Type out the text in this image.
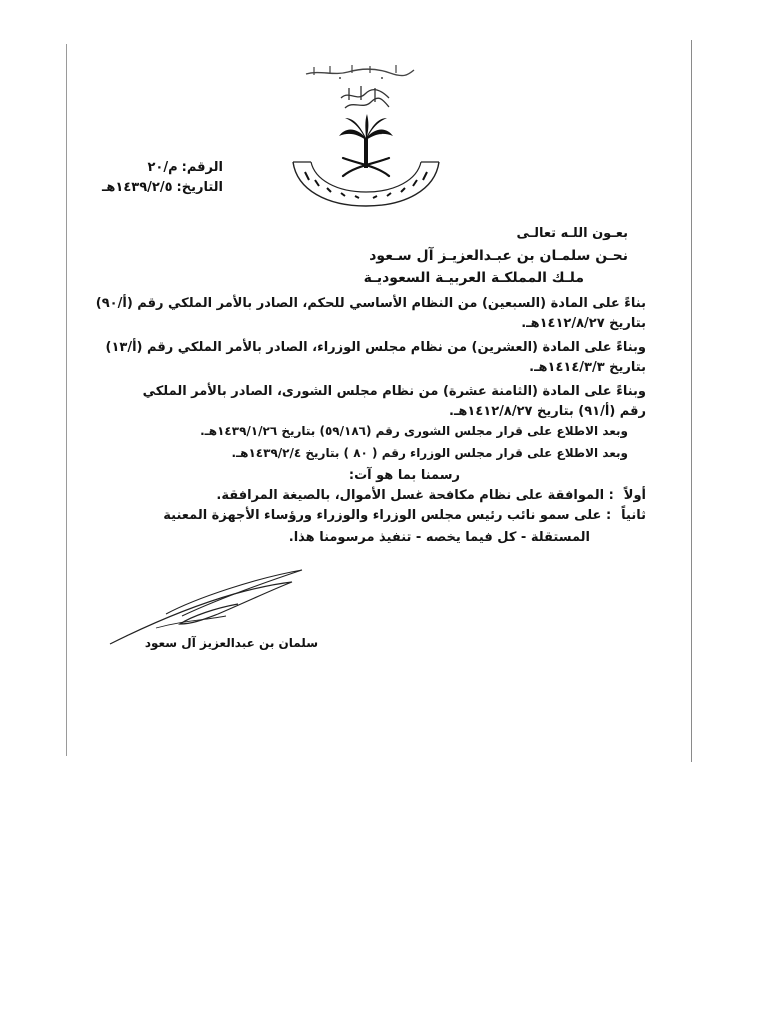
الرقم:
م/٢٠
التاريخ:
١٤٣٩/٢/٥هـ
بعـون اللـه تعالـى
نحـن سلمـان بن عبـدالعزيـز آل سـعود
ملـك المملكـة العربيـة السعوديـة
بناءً على المادة (السبعين) من النظام الأساسي للحكم، الصادر بالأمر الملكي رقم (أ/٩٠)
بتاريخ ١٤١٢/٨/٢٧هـ.
وبناءً على المادة (العشرين) من نظام مجلس الوزراء، الصادر بالأمر الملكي رقم (أ/١٣)
بتاريخ ١٤١٤/٣/٣هـ.
وبناءً على المادة (الثامنة عشرة) من نظام مجلس الشورى، الصادر بالأمر الملكي
رقم (أ/٩١) بتاريخ ١٤١٢/٨/٢٧هـ.
وبعد الاطلاع على قرار مجلس الشورى رقم (٥٩/١٨٦) بتاريخ ١٤٣٩/١/٢٦هـ.
وبعد الاطلاع على قرار مجلس الوزراء رقم ( ٨٠ ) بتاريخ ١٤٣٩/٢/٤هـ.
رسمنا بما هو آت:
أولاً
: الموافقة على نظام مكافحة غسل الأموال، بالصيغة المرافقة.
ثانياً
: على سمو نائب رئيس مجلس الوزراء والوزراء ورؤساء الأجهزة المعنية
المستقلة - كل فيما يخصه - تنفيذ مرسومنا هذا.
سلمان بن عبدالعزيز آل سعود
